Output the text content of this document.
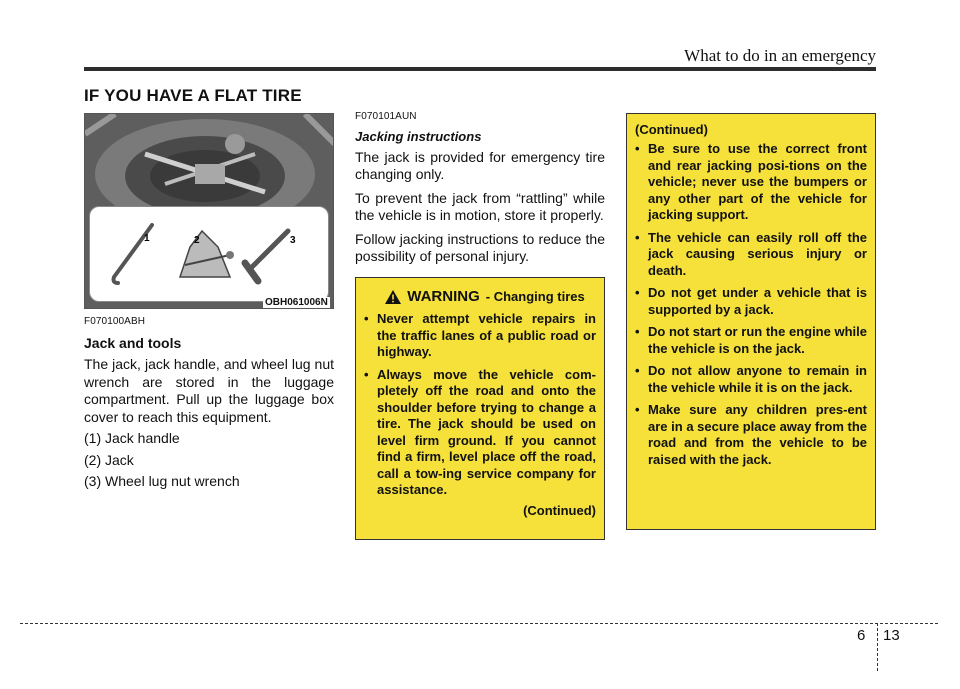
What to do in an emergency
IF YOU HAVE A FLAT TIRE
1	2	3
OBH061006N
F070100ABH
Jack and tools

The jack, jack handle, and wheel lug nut wrench are stored in the luggage compartment. Pull up the luggage box cover to reach this equipment.

(1) Jack handle

(2) Jack

(3) Wheel lug nut wrench

F070101AUN
Jacking instructions

The jack is provided for emergency tire changing only.

To prevent the jack from “rattling” while the vehicle is in motion, store it properly.

Follow jacking instructions to reduce the possibility of personal injury.

WARNING - Changing tires
• Never attempt vehicle repairs in the traffic lanes of a public road or highway.
• Always move the vehicle com-pletely off the road and onto the shoulder before trying to change a tire. The jack should be used on level firm ground. If you cannot find a firm, level place off the road, call a tow-ing service company for assistance.
(Continued)
(Continued)
• Be sure to use the correct front and rear jacking posi-tions on the vehicle; never use the bumpers or any other part of the vehicle for jacking support.
• The vehicle can easily roll off the jack causing serious injury or death.
• Do not get under a vehicle that is supported by a jack.
• Do not start or run the engine while the vehicle is on the jack.
• Do not allow anyone to remain in the vehicle while it is on the jack.
• Make sure any children pres-ent are in a secure place away from the road and from the vehicle to be raised with the jack.
6 13
